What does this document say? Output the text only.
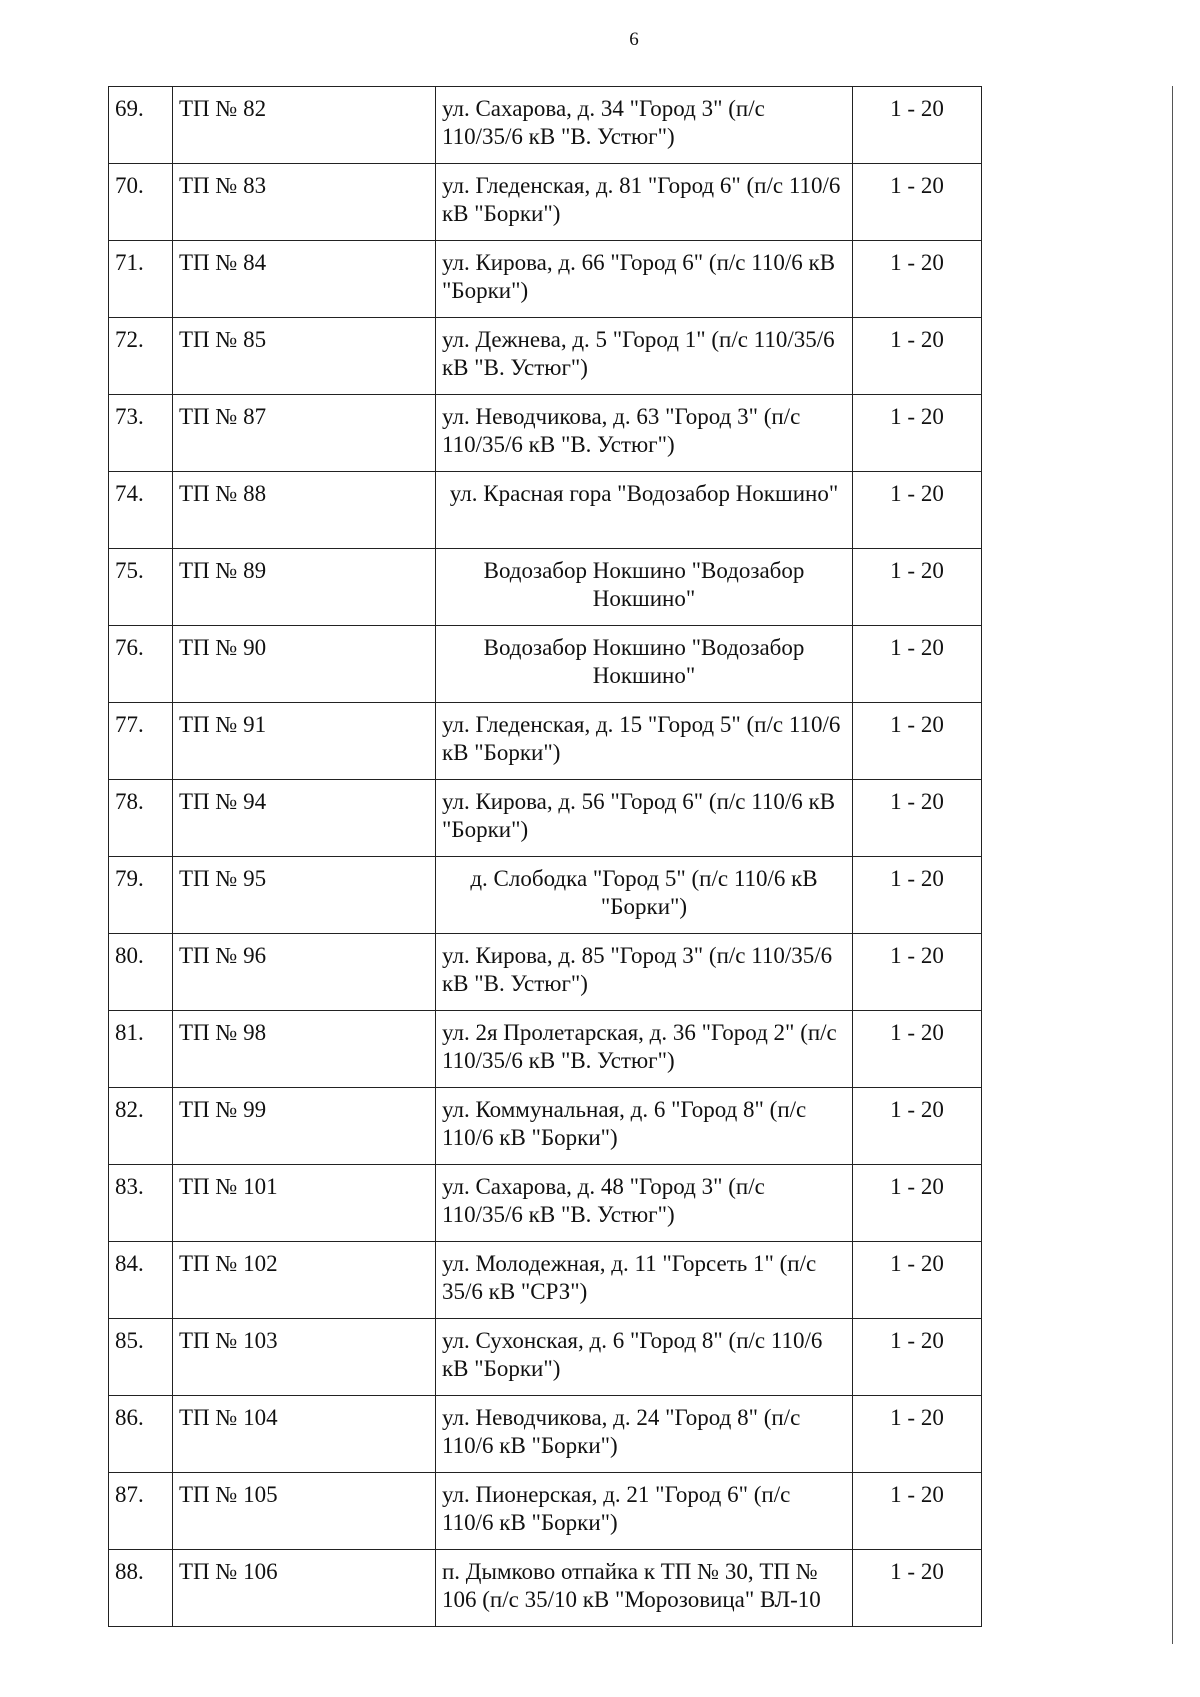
6
69.	ТП № 82	ул. Сахарова, д. 34 "Город 3" (п/с 110/35/6 кВ "В. Устюг")	1 - 20
70.	ТП № 83	ул. Гледенская, д. 81 "Город 6" (п/с 110/6 кВ "Борки")	1 - 20
71.	ТП № 84	ул. Кирова, д. 66 "Город 6" (п/с 110/6 кВ "Борки")	1 - 20
72.	ТП № 85	ул. Дежнева, д. 5 "Город 1" (п/с 110/35/6 кВ "В. Устюг")	1 - 20
73.	ТП № 87	ул. Неводчикова, д. 63 "Город 3" (п/с 110/35/6 кВ "В. Устюг")	1 - 20
74.	ТП № 88	ул. Красная гора "Водозабор Нокшино"	1 - 20
75.	ТП № 89	Водозабор Нокшино "Водозабор Нокшино"	1 - 20
76.	ТП № 90	Водозабор Нокшино "Водозабор Нокшино"	1 - 20
77.	ТП № 91	ул. Гледенская, д. 15 "Город 5" (п/с 110/6 кВ "Борки")	1 - 20
78.	ТП № 94	ул. Кирова, д. 56 "Город 6" (п/с 110/6 кВ "Борки")	1 - 20
79.	ТП № 95	д. Слободка "Город 5" (п/с 110/6 кВ "Борки")	1 - 20
80.	ТП № 96	ул. Кирова, д. 85 "Город 3" (п/с 110/35/6 кВ "В. Устюг")	1 - 20
81.	ТП № 98	ул. 2я Пролетарская, д. 36 "Город 2" (п/с 110/35/6 кВ "В. Устюг")	1 - 20
82.	ТП № 99	ул. Коммунальная, д. 6 "Город 8" (п/с 110/6 кВ "Борки")	1 - 20
83.	ТП № 101	ул. Сахарова, д. 48 "Город 3" (п/с 110/35/6 кВ "В. Устюг")	1 - 20
84.	ТП № 102	ул. Молодежная, д. 11 "Горсеть 1" (п/с 35/6 кВ "СРЗ")	1 - 20
85.	ТП № 103	ул. Сухонская, д. 6 "Город 8" (п/с 110/6 кВ "Борки")	1 - 20
86.	ТП № 104	ул. Неводчикова, д. 24 "Город 8" (п/с 110/6 кВ "Борки")	1 - 20
87.	ТП № 105	ул. Пионерская, д. 21 "Город 6" (п/с 110/6 кВ "Борки")	1 - 20
88.	ТП № 106	п. Дымково отпайка к ТП № 30, ТП № 106 (п/с 35/10 кВ "Морозовица" ВЛ-10	1 - 20
